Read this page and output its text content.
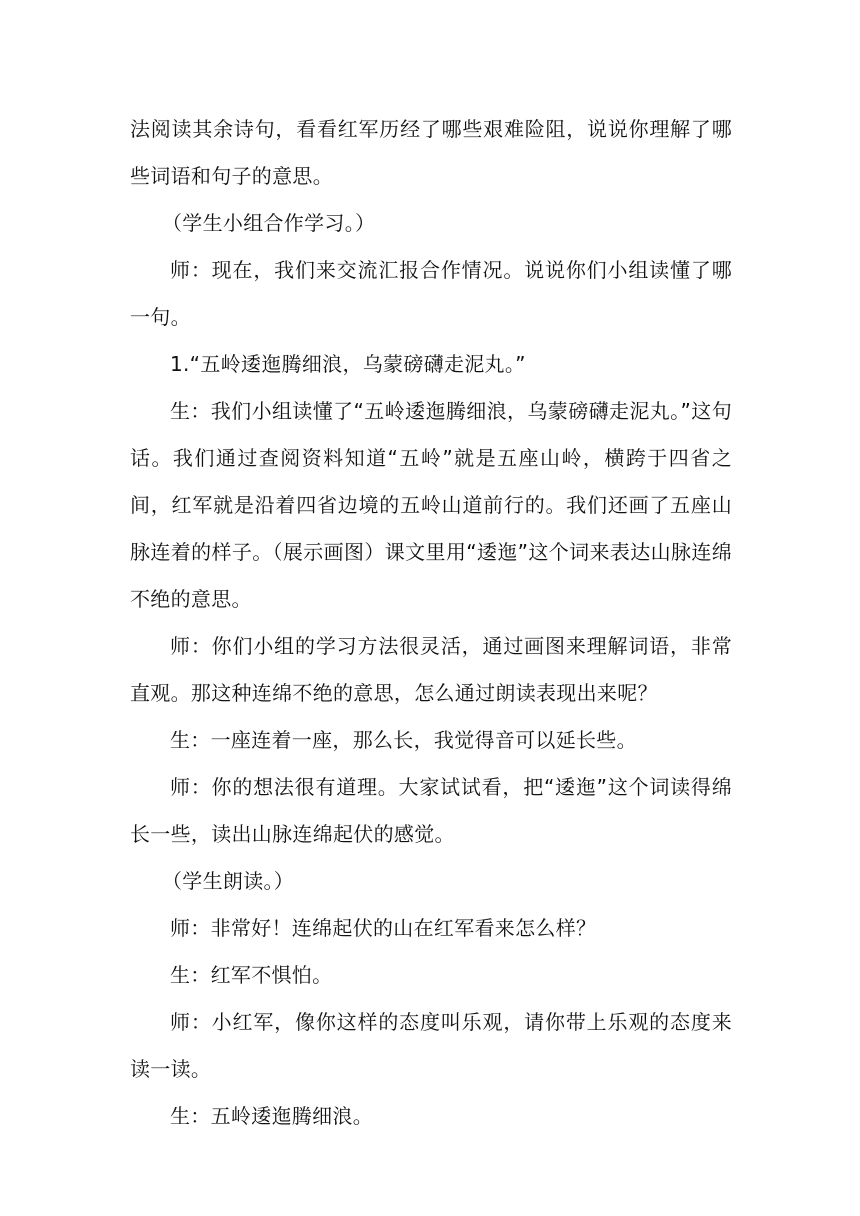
法阅读其余诗句，看看红军历经了哪些艰难险阻，说说你理解了哪些词语和句子的意思。

（学生小组合作学习。）

师：现在，我们来交流汇报合作情况。说说你们小组读懂了哪一句。

1.“五岭逶迤腾细浪，乌蒙磅礴走泥丸。”

生：我们小组读懂了“五岭逶迤腾细浪，乌蒙磅礴走泥丸。”这句话。我们通过查阅资料知道“五岭”就是五座山岭，横跨于四省之间，红军就是沿着四省边境的五岭山道前行的。我们还画了五座山脉连着的样子。（展示画图）课文里用“逶迤”这个词来表达山脉连绵不绝的意思。

师：你们小组的学习方法很灵活，通过画图来理解词语，非常直观。那这种连绵不绝的意思，怎么通过朗读表现出来呢？

生：一座连着一座，那么长，我觉得音可以延长些。

师：你的想法很有道理。大家试试看，把“逶迤”这个词读得绵长一些，读出山脉连绵起伏的感觉。

（学生朗读。）

师：非常好！连绵起伏的山在红军看来怎么样？

生：红军不惧怕。

师：小红军，像你这样的态度叫乐观，请你带上乐观的态度来读一读。

生：五岭逶迤腾细浪。
